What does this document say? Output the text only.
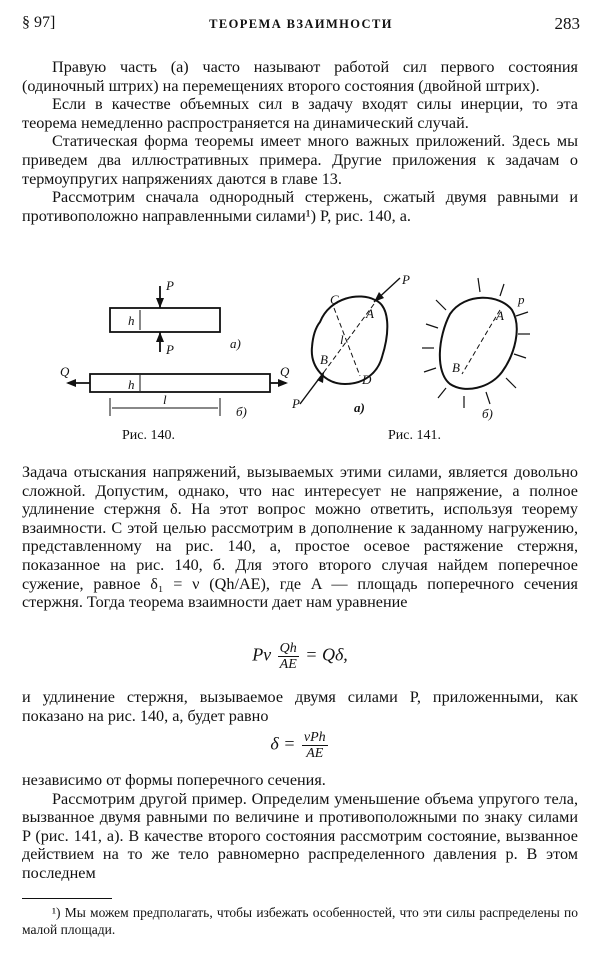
§ 97]	ТЕОРЕМА ВЗАИМНОСТИ	283

Правую часть (a) часто называют работой сил первого состояния (одиночный штрих) на перемещениях второго состояния (двойной штрих).

Если в качестве объемных сил в задачу входят силы инерции, то эта теорема немедленно распространяется на динамический случай.

Статическая форма теоремы имеет много важных приложений. Здесь мы приведем два иллюстративных примера. Другие приложения к задачам о термоупругих напряжениях даются в главе 13.

Рассмотрим сначала однородный стержень, сжатый двумя равными и противоположно направленными силами¹) P, рис. 140, a.

P
P
h
а)
Q	Q
h
l
б)
Рис. 140.
C
A
P
l
B
D
P	а)
A
p
B
б)
Рис. 141.

Задача отыскания напряжений, вызываемых этими силами, является довольно сложной. Допустим, однако, что нас интересует не напряжение, а полное удлинение стержня δ. На этот вопрос можно ответить, используя теорему взаимности. С этой целью рассмотрим в дополнение к заданному нагружению, представленному на рис. 140, a, простое осевое растяжение стержня, показанное на рис. 140, б. Для этого второго случая найдем поперечное сужение, равное δ₁ = ν (Qh/AE), где A — площадь поперечного сечения стержня. Тогда теорема взаимности дает нам уравнение

Pν $\frac{Qh}{AE} = Q\delta$,

и удлинение стержня, вызываемое двумя силами P, приложенными, как показано на рис. 140, a, будет равно

$\delta = \frac{\text{νPh}}{AE}$

независимо от формы поперечного сечения.

Рассмотрим другой пример. Определим уменьшение объема упругого тела, вызванное двумя равными по величине и противоположными по знаку силами P (рис. 141, a). В качестве второго состояния рассмотрим состояние, вызванное действием на то же тело равномерно распределенного давления p. В этом последнем

¹) Мы можем предполагать, чтобы избежать особенностей, что эти силы распределены по малой площади.
